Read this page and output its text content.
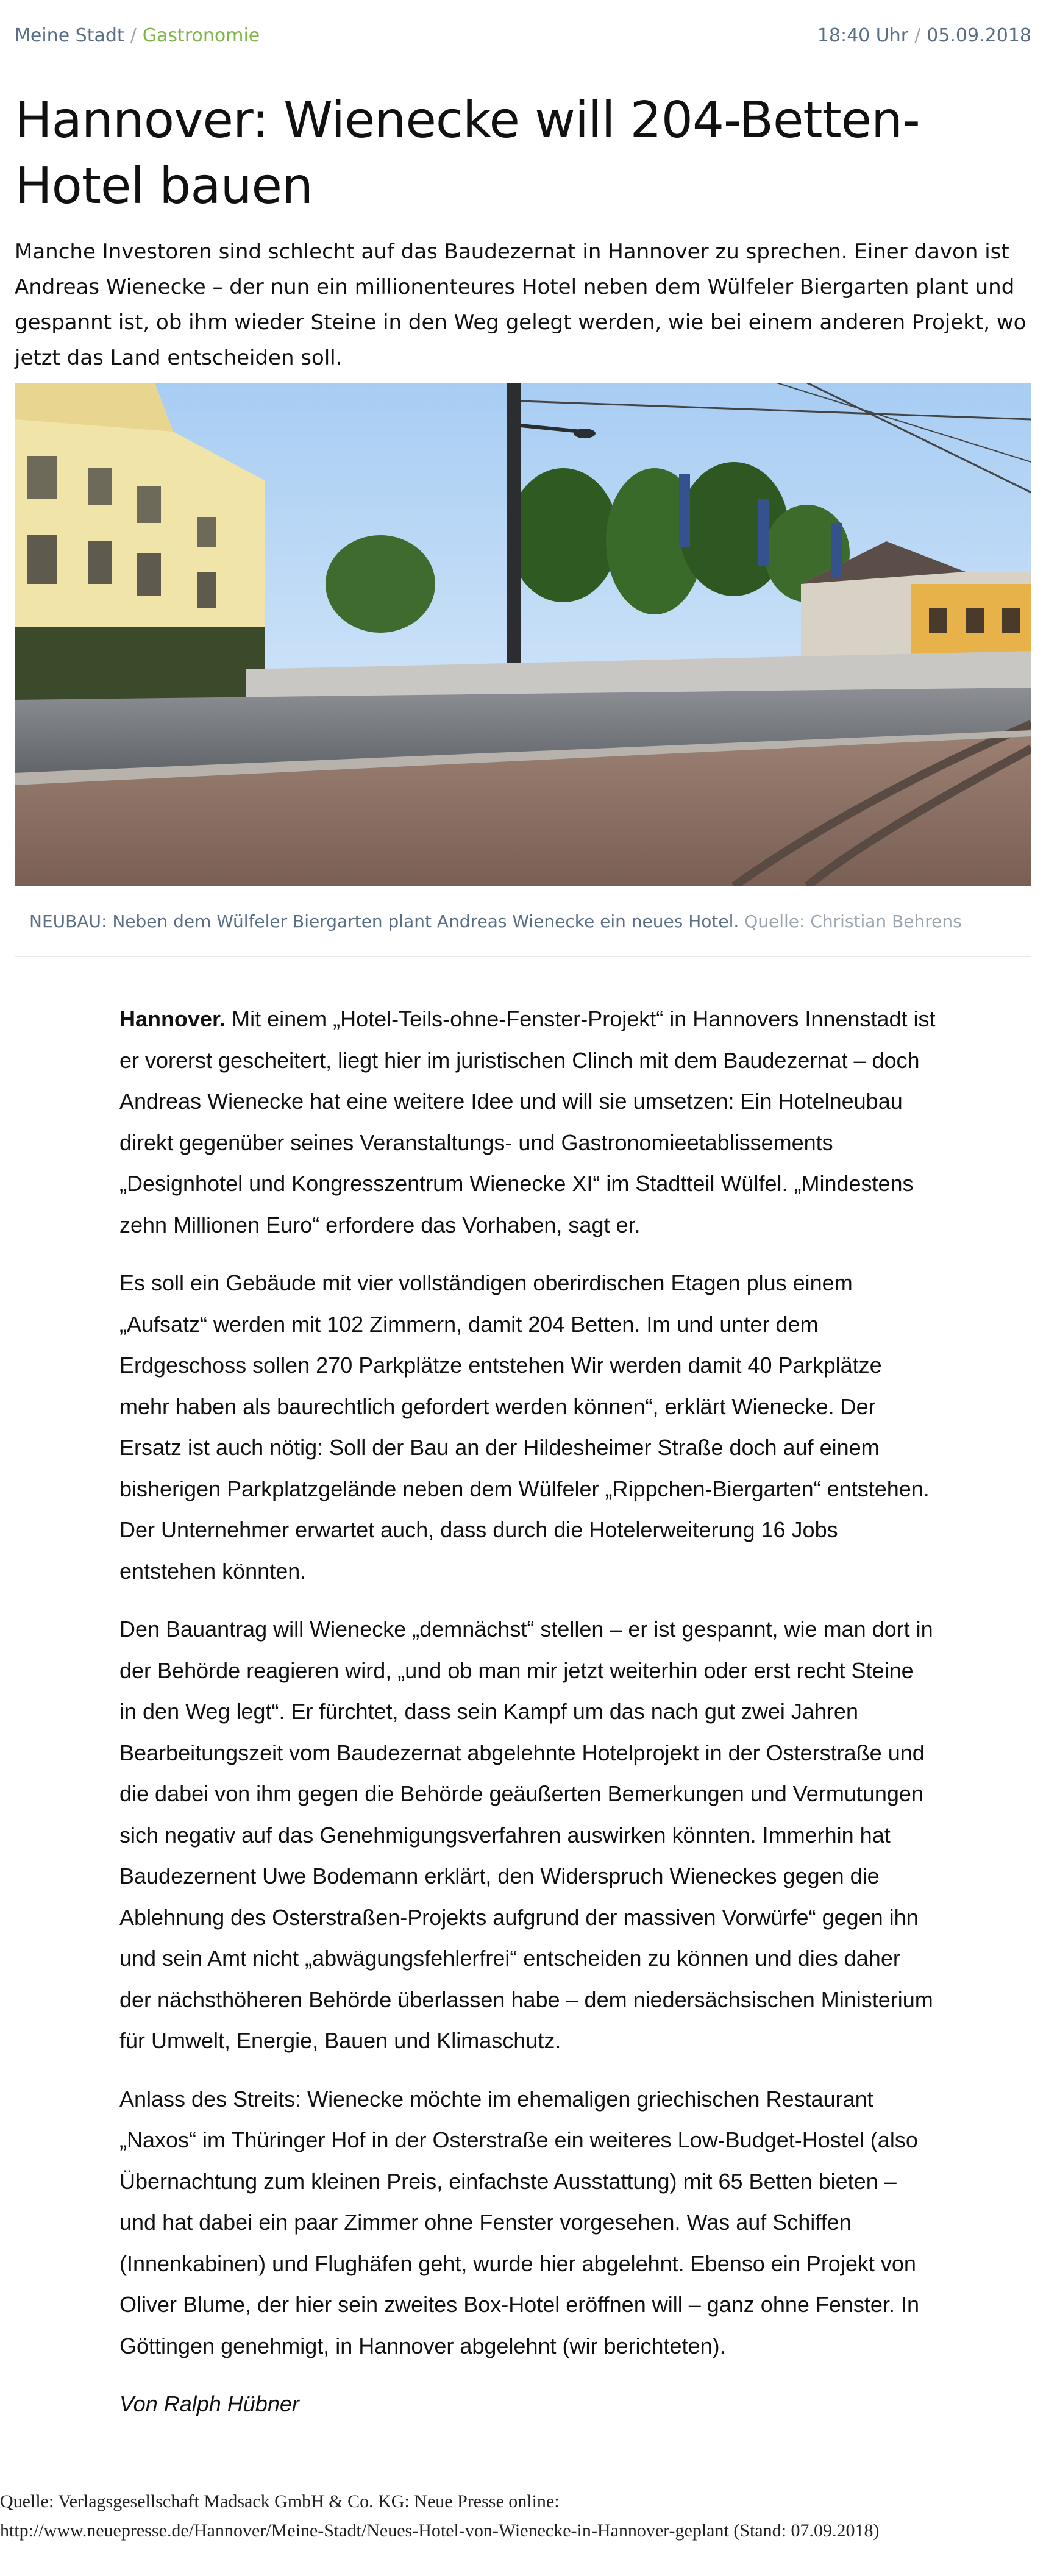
Meine Stadt / Gastronomie	18:40 Uhr / 05.09.2018
Hannover: Wienecke will 204-Betten-Hotel bauen

Manche Investoren sind schlecht auf das Baudezernat in Hannover zu sprechen. Einer davon ist Andreas Wienecke – der nun ein millionenteures Hotel neben dem Wülfeler Biergarten plant und gespannt ist, ob ihm wieder Steine in den Weg gelegt werden, wie bei einem anderen Projekt, wo jetzt das Land entscheiden soll.

NEUBAU: Neben dem Wülfeler Biergarten plant Andreas Wienecke ein neues Hotel. Quelle: Christian Behrens

Hannover. Mit einem „Hotel-Teils-ohne-Fenster-Projekt“ in Hannovers Innenstadt ist er vorerst gescheitert, liegt hier im juristischen Clinch mit dem Baudezernat – doch Andreas Wienecke hat eine weitere Idee und will sie umsetzen: Ein Hotelneubau direkt gegenüber seines Veranstaltungs- und Gastronomieetablissements „Designhotel und Kongresszentrum Wienecke XI“ im Stadtteil Wülfel. „Mindestens zehn Millionen Euro“ erfordere das Vorhaben, sagt er.

Es soll ein Gebäude mit vier vollständigen oberirdischen Etagen plus einem „Aufsatz“ werden mit 102 Zimmern, damit 204 Betten. Im und unter dem Erdgeschoss sollen 270 Parkplätze entstehen Wir werden damit 40 Parkplätze mehr haben als baurechtlich gefordert werden können“, erklärt Wienecke. Der Ersatz ist auch nötig: Soll der Bau an der Hildesheimer Straße doch auf einem bisherigen Parkplatzgelände neben dem Wülfeler „Rippchen-Biergarten“ entstehen. Der Unternehmer erwartet auch, dass durch die Hotelerweiterung 16 Jobs entstehen könnten.

Den Bauantrag will Wienecke „demnächst“ stellen – er ist gespannt, wie man dort in der Behörde reagieren wird, „und ob man mir jetzt weiterhin oder erst recht Steine in den Weg legt“. Er fürchtet, dass sein Kampf um das nach gut zwei Jahren Bearbeitungszeit vom Baudezernat abgelehnte Hotelprojekt in der Osterstraße und die dabei von ihm gegen die Behörde geäußerten Bemerkungen und Vermutungen sich negativ auf das Genehmigungsverfahren auswirken könnten. Immerhin hat Baudezernent Uwe Bodemann erklärt, den Widerspruch Wieneckes gegen die Ablehnung des Osterstraßen-Projekts aufgrund der massiven Vorwürfe“ gegen ihn und sein Amt nicht „abwägungsfehlerfrei“ entscheiden zu können und dies daher der nächsthöheren Behörde überlassen habe – dem niedersächsischen Ministerium für Umwelt, Energie, Bauen und Klimaschutz.

Anlass des Streits: Wienecke möchte im ehemaligen griechischen Restaurant „Naxos“ im Thüringer Hof in der Osterstraße ein weiteres Low-Budget-Hostel (also Übernachtung zum kleinen Preis, einfachste Ausstattung) mit 65 Betten bieten – und hat dabei ein paar Zimmer ohne Fenster vorgesehen. Was auf Schiffen (Innenkabinen) und Flughäfen geht, wurde hier abgelehnt. Ebenso ein Projekt von Oliver Blume, der hier sein zweites Box-Hotel eröffnen will – ganz ohne Fenster. In Göttingen genehmigt, in Hannover abgelehnt (wir berichteten).

Von Ralph Hübner

Quelle: Verlagsgesellschaft Madsack GmbH & Co. KG: Neue Presse online:
http://www.neuepresse.de/Hannover/Meine-Stadt/Neues-Hotel-von-Wienecke-in-Hannover-geplant (Stand: 07.09.2018)
